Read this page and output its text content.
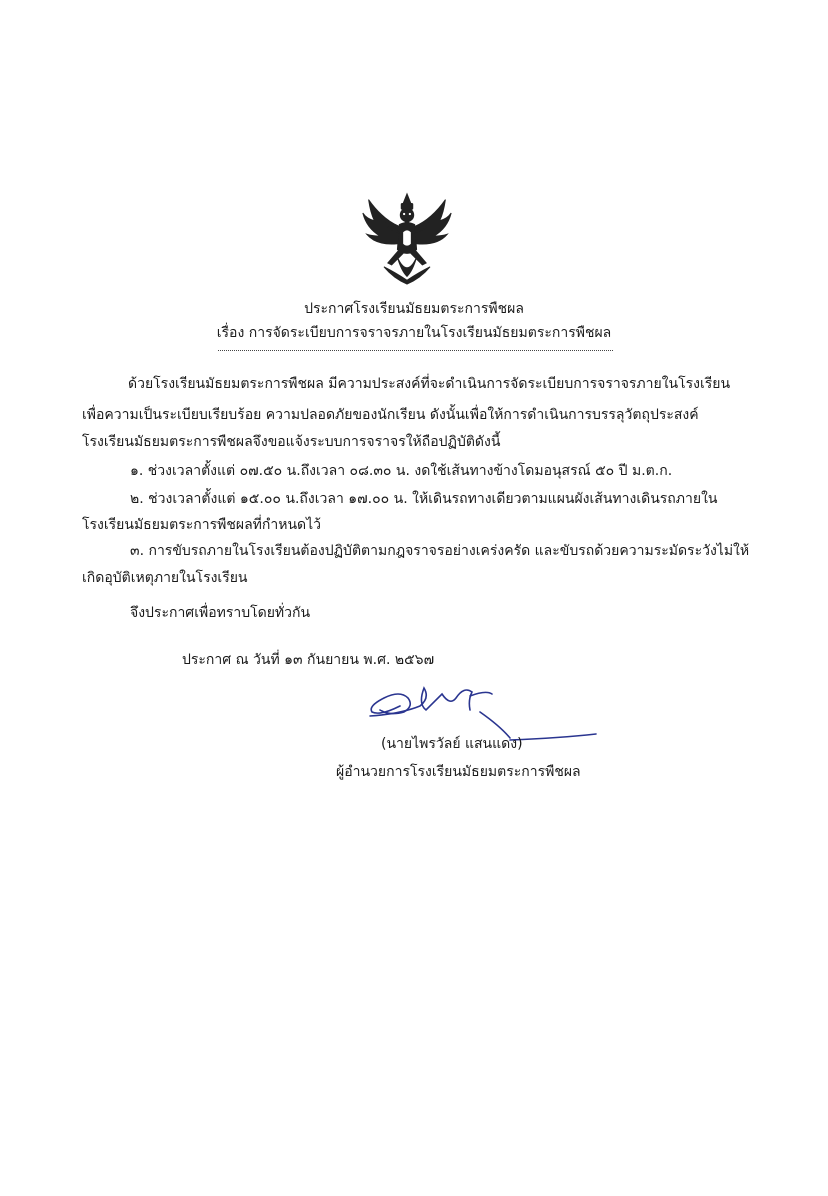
ประกาศโรงเรียนมัธยมตระการพืชผล
เรื่อง การจัดระเบียบการจราจรภายในโรงเรียนมัธยมตระการพืชผล
ด้วยโรงเรียนมัธยมตระการพืชผล มีความประสงค์ที่จะดำเนินการจัดระเบียบการจราจรภายในโรงเรียน
เพื่อความเป็นระเบียบเรียบร้อย ความปลอดภัยของนักเรียน ดังนั้นเพื่อให้การดำเนินการบรรลุวัตถุประสงค์
โรงเรียนมัธยมตระการพืชผลจึงขอแจ้งระบบการจราจรให้ถือปฏิบัติดังนี้
๑. ช่วงเวลาตั้งแต่ ๐๗.๕๐ น.ถึงเวลา ๐๘.๓๐ น. งดใช้เส้นทางข้างโดมอนุสรณ์ ๕๐ ปี ม.ต.ก.
๒. ช่วงเวลาตั้งแต่ ๑๕.๐๐ น.ถึงเวลา ๑๗.๐๐ น. ให้เดินรถทางเดียวตามแผนผังเส้นทางเดินรถภายใน
โรงเรียนมัธยมตระการพืชผลที่กำหนดไว้
๓. การขับรถภายในโรงเรียนต้องปฏิบัติตามกฎจราจรอย่างเคร่งครัด และขับรถด้วยความระมัดระวังไม่ให้
เกิดอุบัติเหตุภายในโรงเรียน
จึงประกาศเพื่อทราบโดยทั่วกัน
ประกาศ ณ วันที่ ๑๓ กันยายน พ.ศ. ๒๕๖๗
(นายไพรวัลย์ แสนแดง)
ผู้อำนวยการโรงเรียนมัธยมตระการพืชผล
